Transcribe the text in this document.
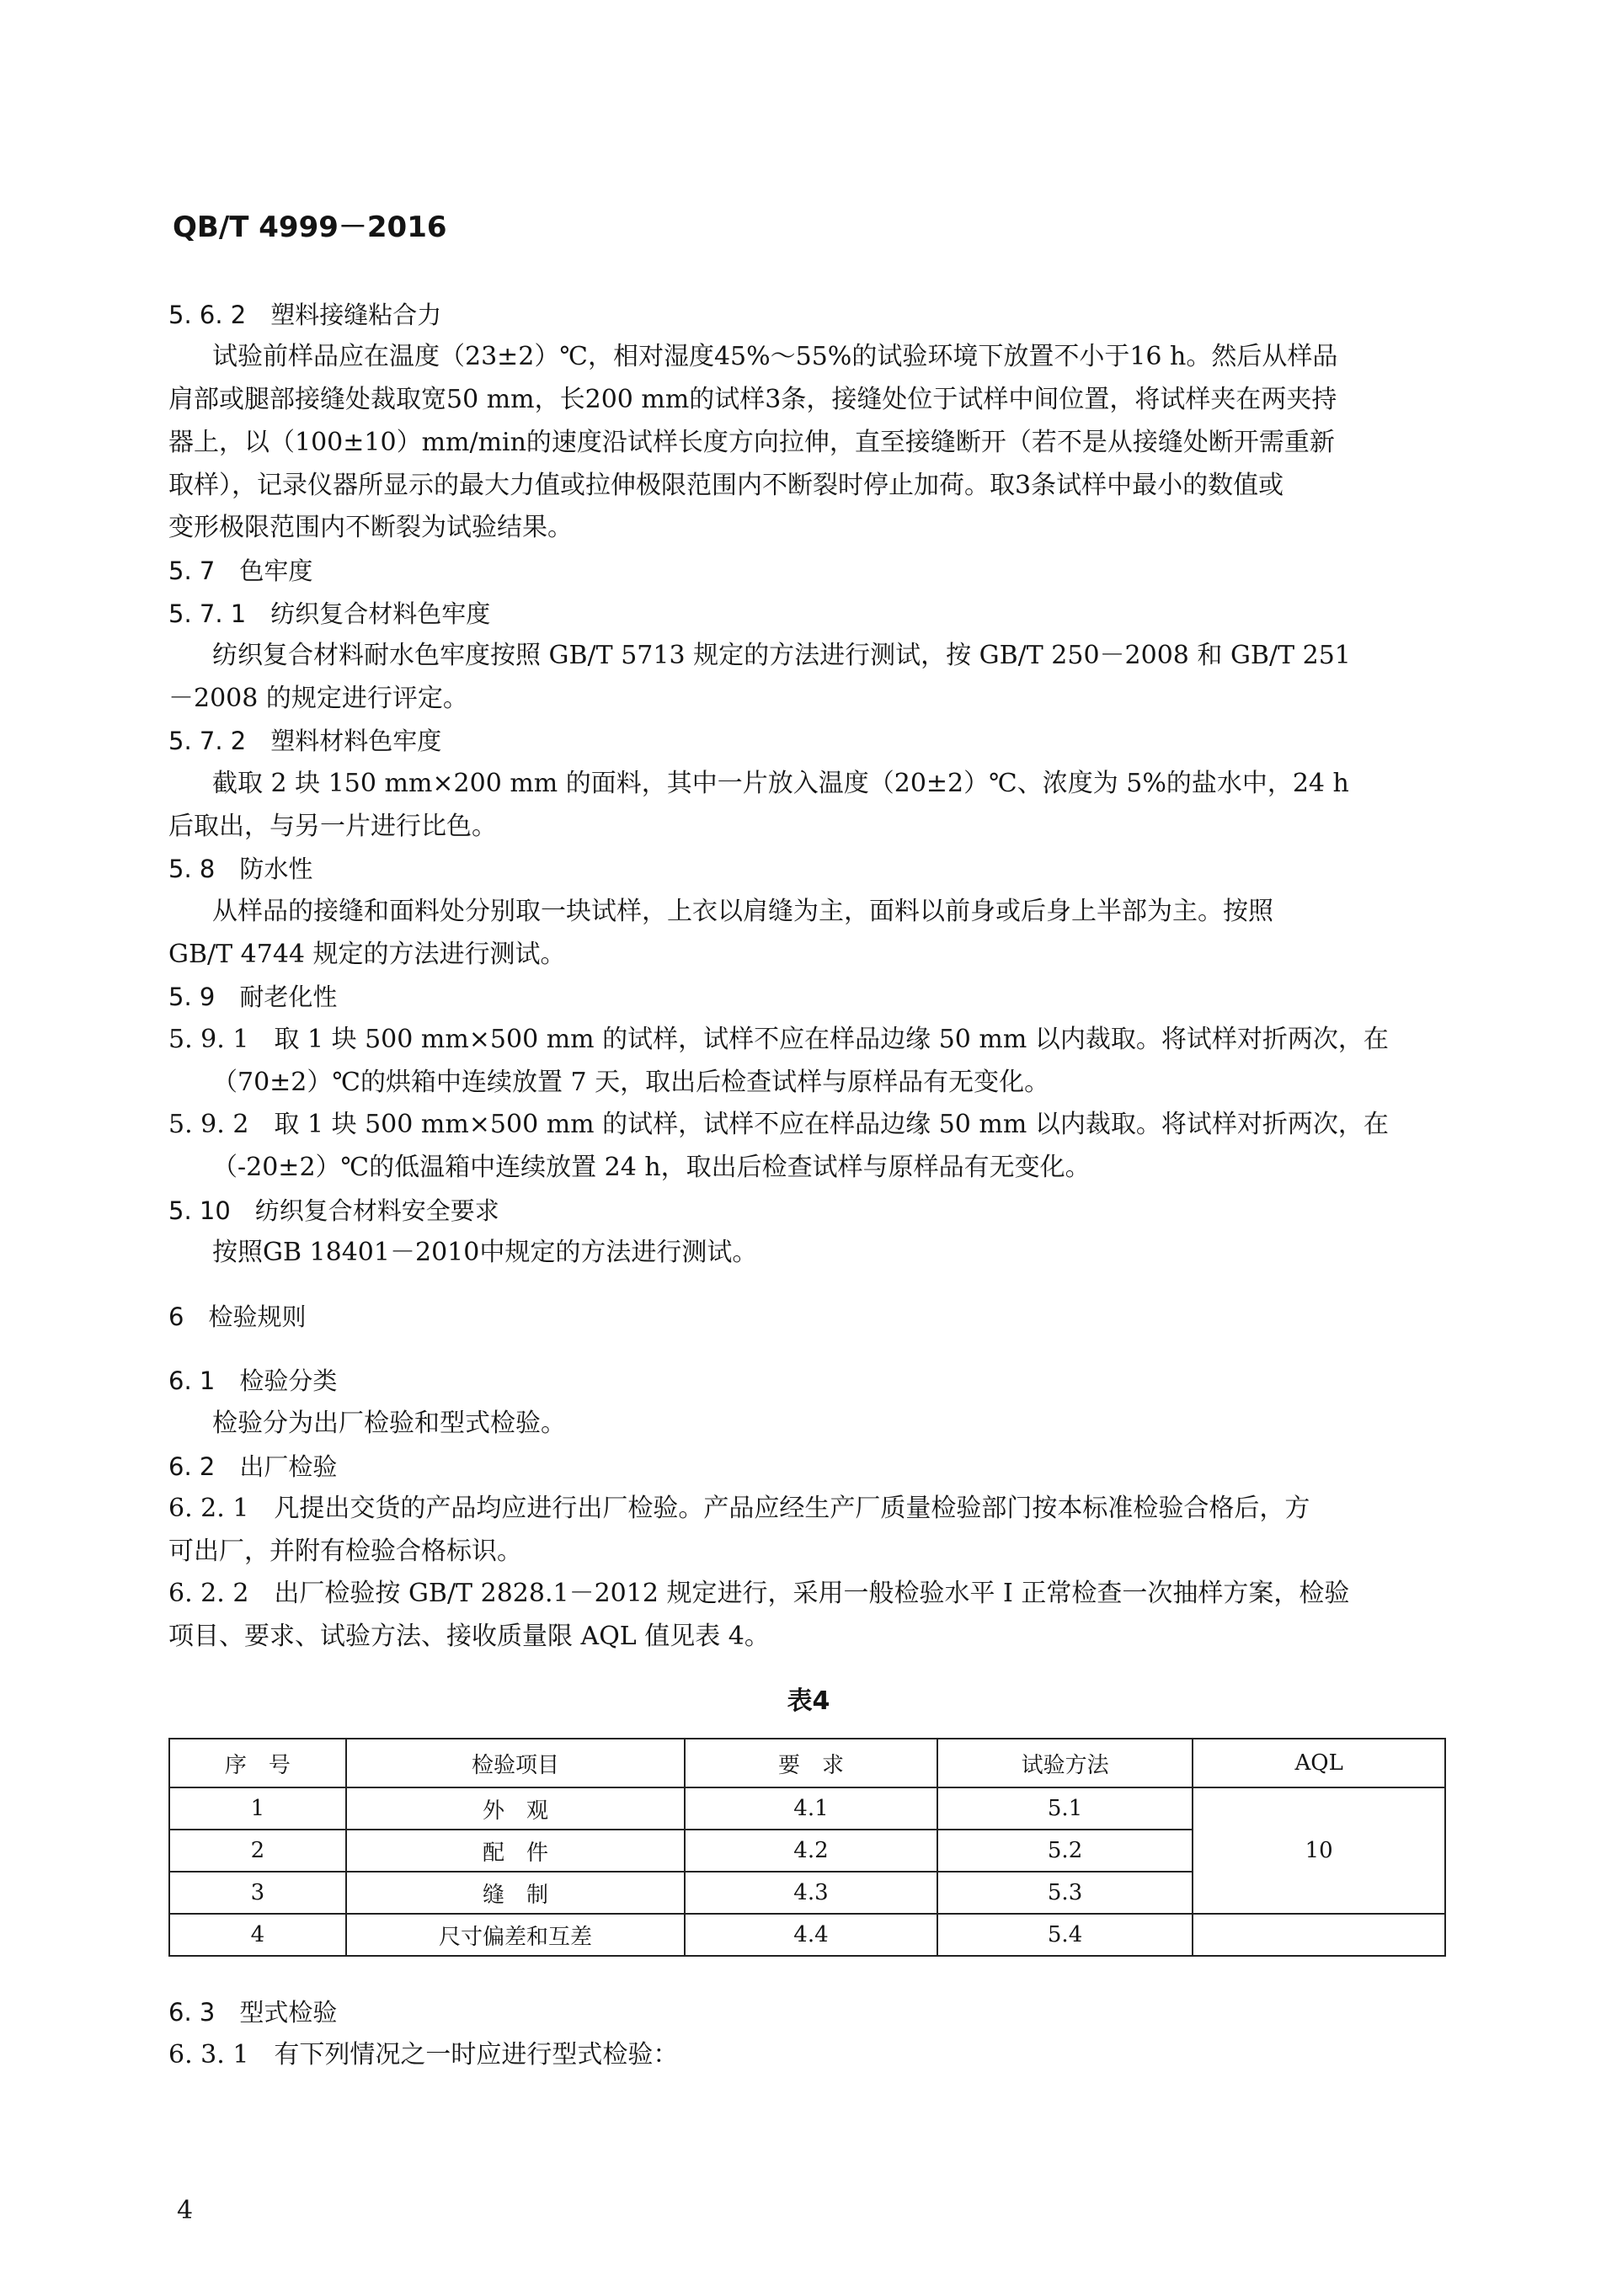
QB/T 4999－2016
5. 6. 2　塑料接缝粘合力
试验前样品应在温度（23±2）℃，相对湿度45%～55%的试验环境下放置不小于16 h。然后从样品
肩部或腿部接缝处裁取宽50 mm，长200 mm的试样3条，接缝处位于试样中间位置，将试样夹在两夹持
器上，以（100±10）mm/min的速度沿试样长度方向拉伸，直至接缝断开（若不是从接缝处断开需重新
取样），记录仪器所显示的最大力值或拉伸极限范围内不断裂时停止加荷。取3条试样中最小的数值或
变形极限范围内不断裂为试验结果。
5. 7　色牢度
5. 7. 1　纺织复合材料色牢度
纺织复合材料耐水色牢度按照 GB/T 5713 规定的方法进行测试，按 GB/T 250－2008 和 GB/T 251
－2008 的规定进行评定。
5. 7. 2　塑料材料色牢度
截取 2 块 150 mm×200 mm 的面料，其中一片放入温度（20±2）℃、浓度为 5%的盐水中，24 h
后取出，与另一片进行比色。
5. 8　防水性
从样品的接缝和面料处分别取一块试样，上衣以肩缝为主，面料以前身或后身上半部为主。按照
GB/T 4744 规定的方法进行测试。
5. 9　耐老化性
5. 9. 1　取 1 块 500 mm×500 mm 的试样，试样不应在样品边缘 50 mm 以内裁取。将试样对折两次，在
（70±2）℃的烘箱中连续放置 7 天，取出后检查试样与原样品有无变化。
5. 9. 2　取 1 块 500 mm×500 mm 的试样，试样不应在样品边缘 50 mm 以内裁取。将试样对折两次，在
（-20±2）℃的低温箱中连续放置 24 h，取出后检查试样与原样品有无变化。
5. 10　纺织复合材料安全要求
按照GB 18401－2010中规定的方法进行测试。
6　检验规则
6. 1　检验分类
检验分为出厂检验和型式检验。
6. 2　出厂检验
6. 2. 1　凡提出交货的产品均应进行出厂检验。产品应经生产厂质量检验部门按本标准检验合格后，方
可出厂，并附有检验合格标识。
6. 2. 2　出厂检验按 GB/T 2828.1－2012 规定进行，采用一般检验水平 Ⅰ 正常检查一次抽样方案，检验
项目、要求、试验方法、接收质量限 AQL 值见表 4。
表4
序　号	检验项目	要　求	试验方法	AQL
1	外　观	4.1	5.1	10
2	配　件	4.2	5.2	
3	缝　制	4.3	5.3	
4	尺寸偏差和互差	4.4	5.4	
6. 3　型式检验
6. 3. 1　有下列情况之一时应进行型式检验：
4
